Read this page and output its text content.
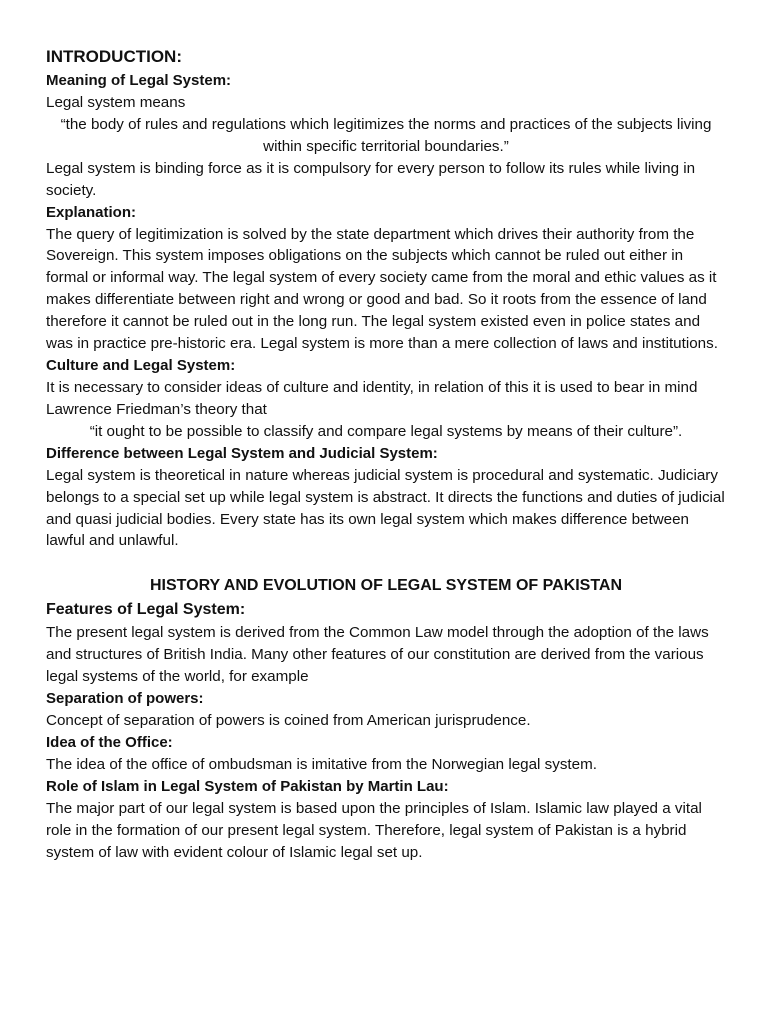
INTRODUCTION:
Meaning of Legal System:
Legal system means
“the body of rules and regulations which legitimizes the norms and practices of the subjects living within specific territorial boundaries.”
Legal system is binding force as it is compulsory for every person to follow its rules while living in society.
Explanation:
The query of legitimization is solved by the state department which drives their authority from the Sovereign. This system imposes obligations on the subjects which cannot be ruled out either in formal or informal way. The legal system of every society came from the moral and ethic values as it makes differentiate between right and wrong or good and bad. So it roots from the essence of land therefore it cannot be ruled out in the long run. The legal system existed even in police states and was in practice pre-historic era. Legal system is more than a mere collection of laws and institutions.
Culture and Legal System:
It is necessary to consider ideas of culture and identity, in relation of this it is used to bear in mind Lawrence Friedman’s theory that
“it ought to be possible to classify and compare legal systems by means of their culture”.
Difference between Legal System and Judicial System:
Legal system is theoretical in nature whereas judicial system is procedural and systematic. Judiciary belongs to a special set up while legal system is abstract. It directs the functions and duties of judicial and quasi judicial bodies. Every state has its own legal system which makes difference between lawful and unlawful.
HISTORY AND EVOLUTION OF LEGAL SYSTEM OF PAKISTAN
Features of Legal System:
The present legal system is derived from the Common Law model through the adoption of the laws and structures of British India. Many other features of our constitution are derived from the various legal systems of the world, for example
Separation of powers:
Concept of separation of powers is coined from American jurisprudence.
Idea of the Office:
The idea of the office of ombudsman is imitative from the Norwegian legal system.
Role of Islam in Legal System of Pakistan by Martin Lau:
The major part of our legal system is based upon the principles of Islam. Islamic law played a vital role in the formation of our present legal system. Therefore, legal system of Pakistan is a hybrid system of law with evident colour of Islamic legal set up.
